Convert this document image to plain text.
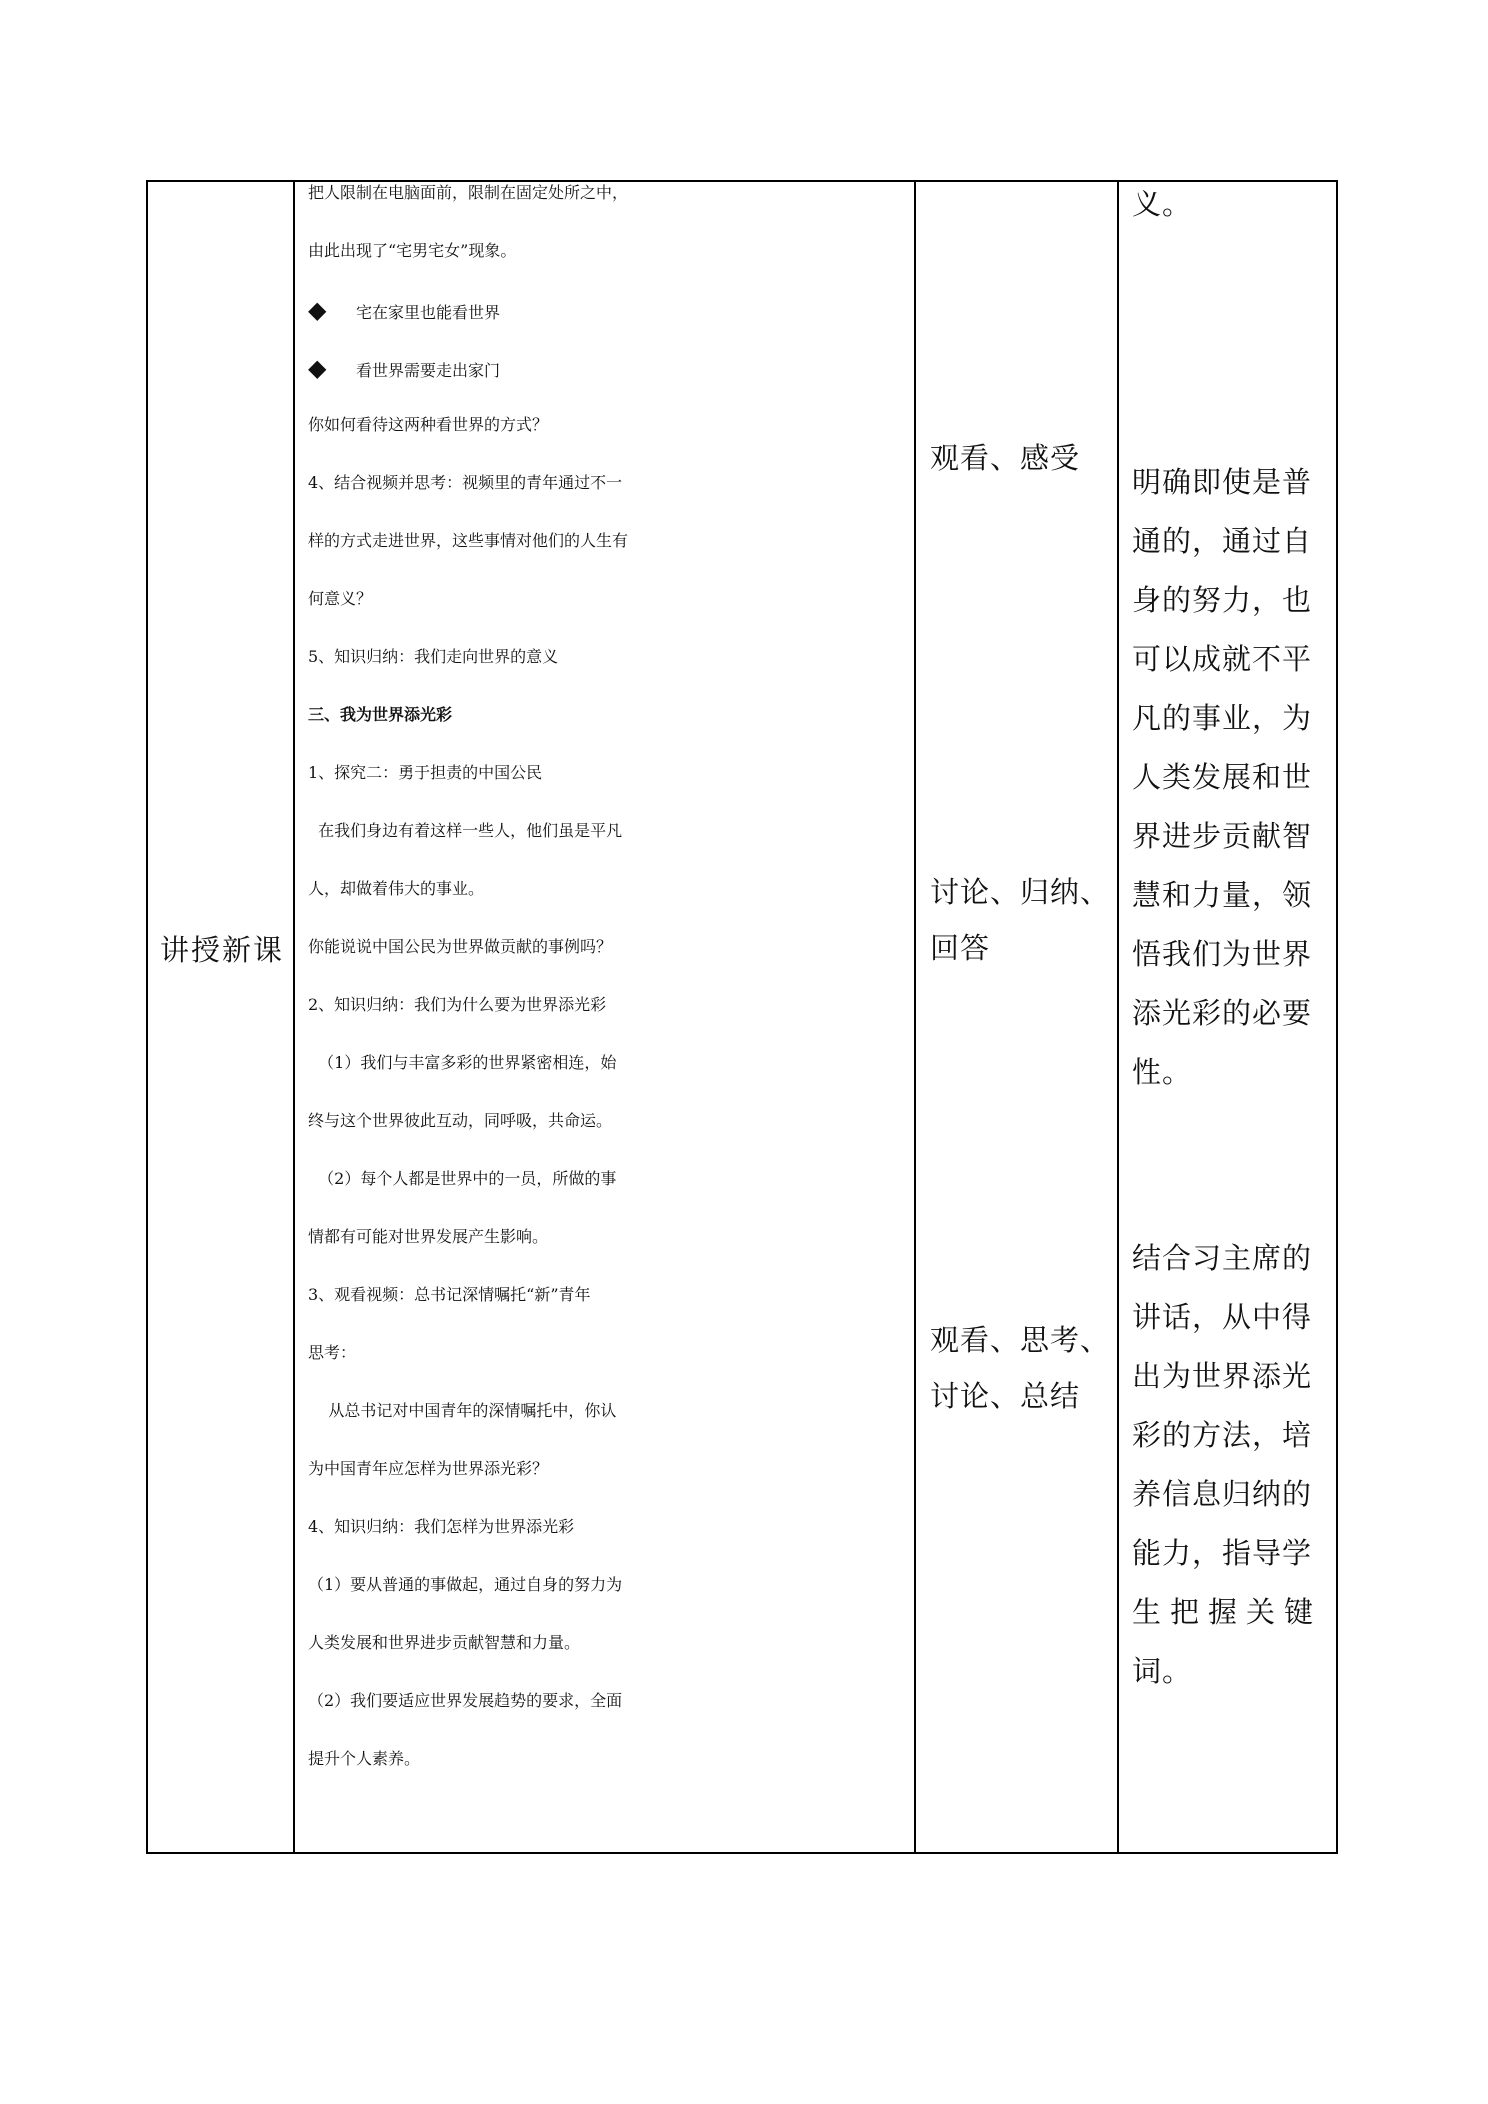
讲授新课
把人限制在电脑面前，限制在固定处所之中，
由此出现了“宅男宅女”现象。
◆ 宅在家里也能看世界
◆ 看世界需要走出家门
你如何看待这两种看世界的方式？
4、结合视频并思考：视频里的青年通过不一
样的方式走进世界，这些事情对他们的人生有
何意义？
5、知识归纳：我们走向世界的意义
三、我为世界添光彩
1、探究二：勇于担责的中国公民
在我们身边有着这样一些人，他们虽是平凡
人，却做着伟大的事业。
你能说说中国公民为世界做贡献的事例吗？
2、知识归纳：我们为什么要为世界添光彩
（1）我们与丰富多彩的世界紧密相连，始
终与这个世界彼此互动，同呼吸，共命运。
（2）每个人都是世界中的一员，所做的事
情都有可能对世界发展产生影响。
3、观看视频：总书记深情嘱托“新”青年
思考：
从总书记对中国青年的深情嘱托中，你认
为中国青年应怎样为世界添光彩？
4、知识归纳：我们怎样为世界添光彩
（1）要从普通的事做起，通过自身的努力为
人类发展和世界进步贡献智慧和力量。
（2）我们要适应世界发展趋势的要求，全面
提升个人素养。
观看、感受
讨论、归纳、
回答
观看、思考、
讨论、总结
义。
明确即使是普
通的，通过自
身的努力，也
可以成就不平
凡的事业，为
人类发展和世
界进步贡献智
慧和力量，领
悟我们为世界
添光彩的必要
性。
结合习主席的
讲话，从中得
出为世界添光
彩的方法，培
养信息归纳的
能力，指导学
生把握关键
词。
